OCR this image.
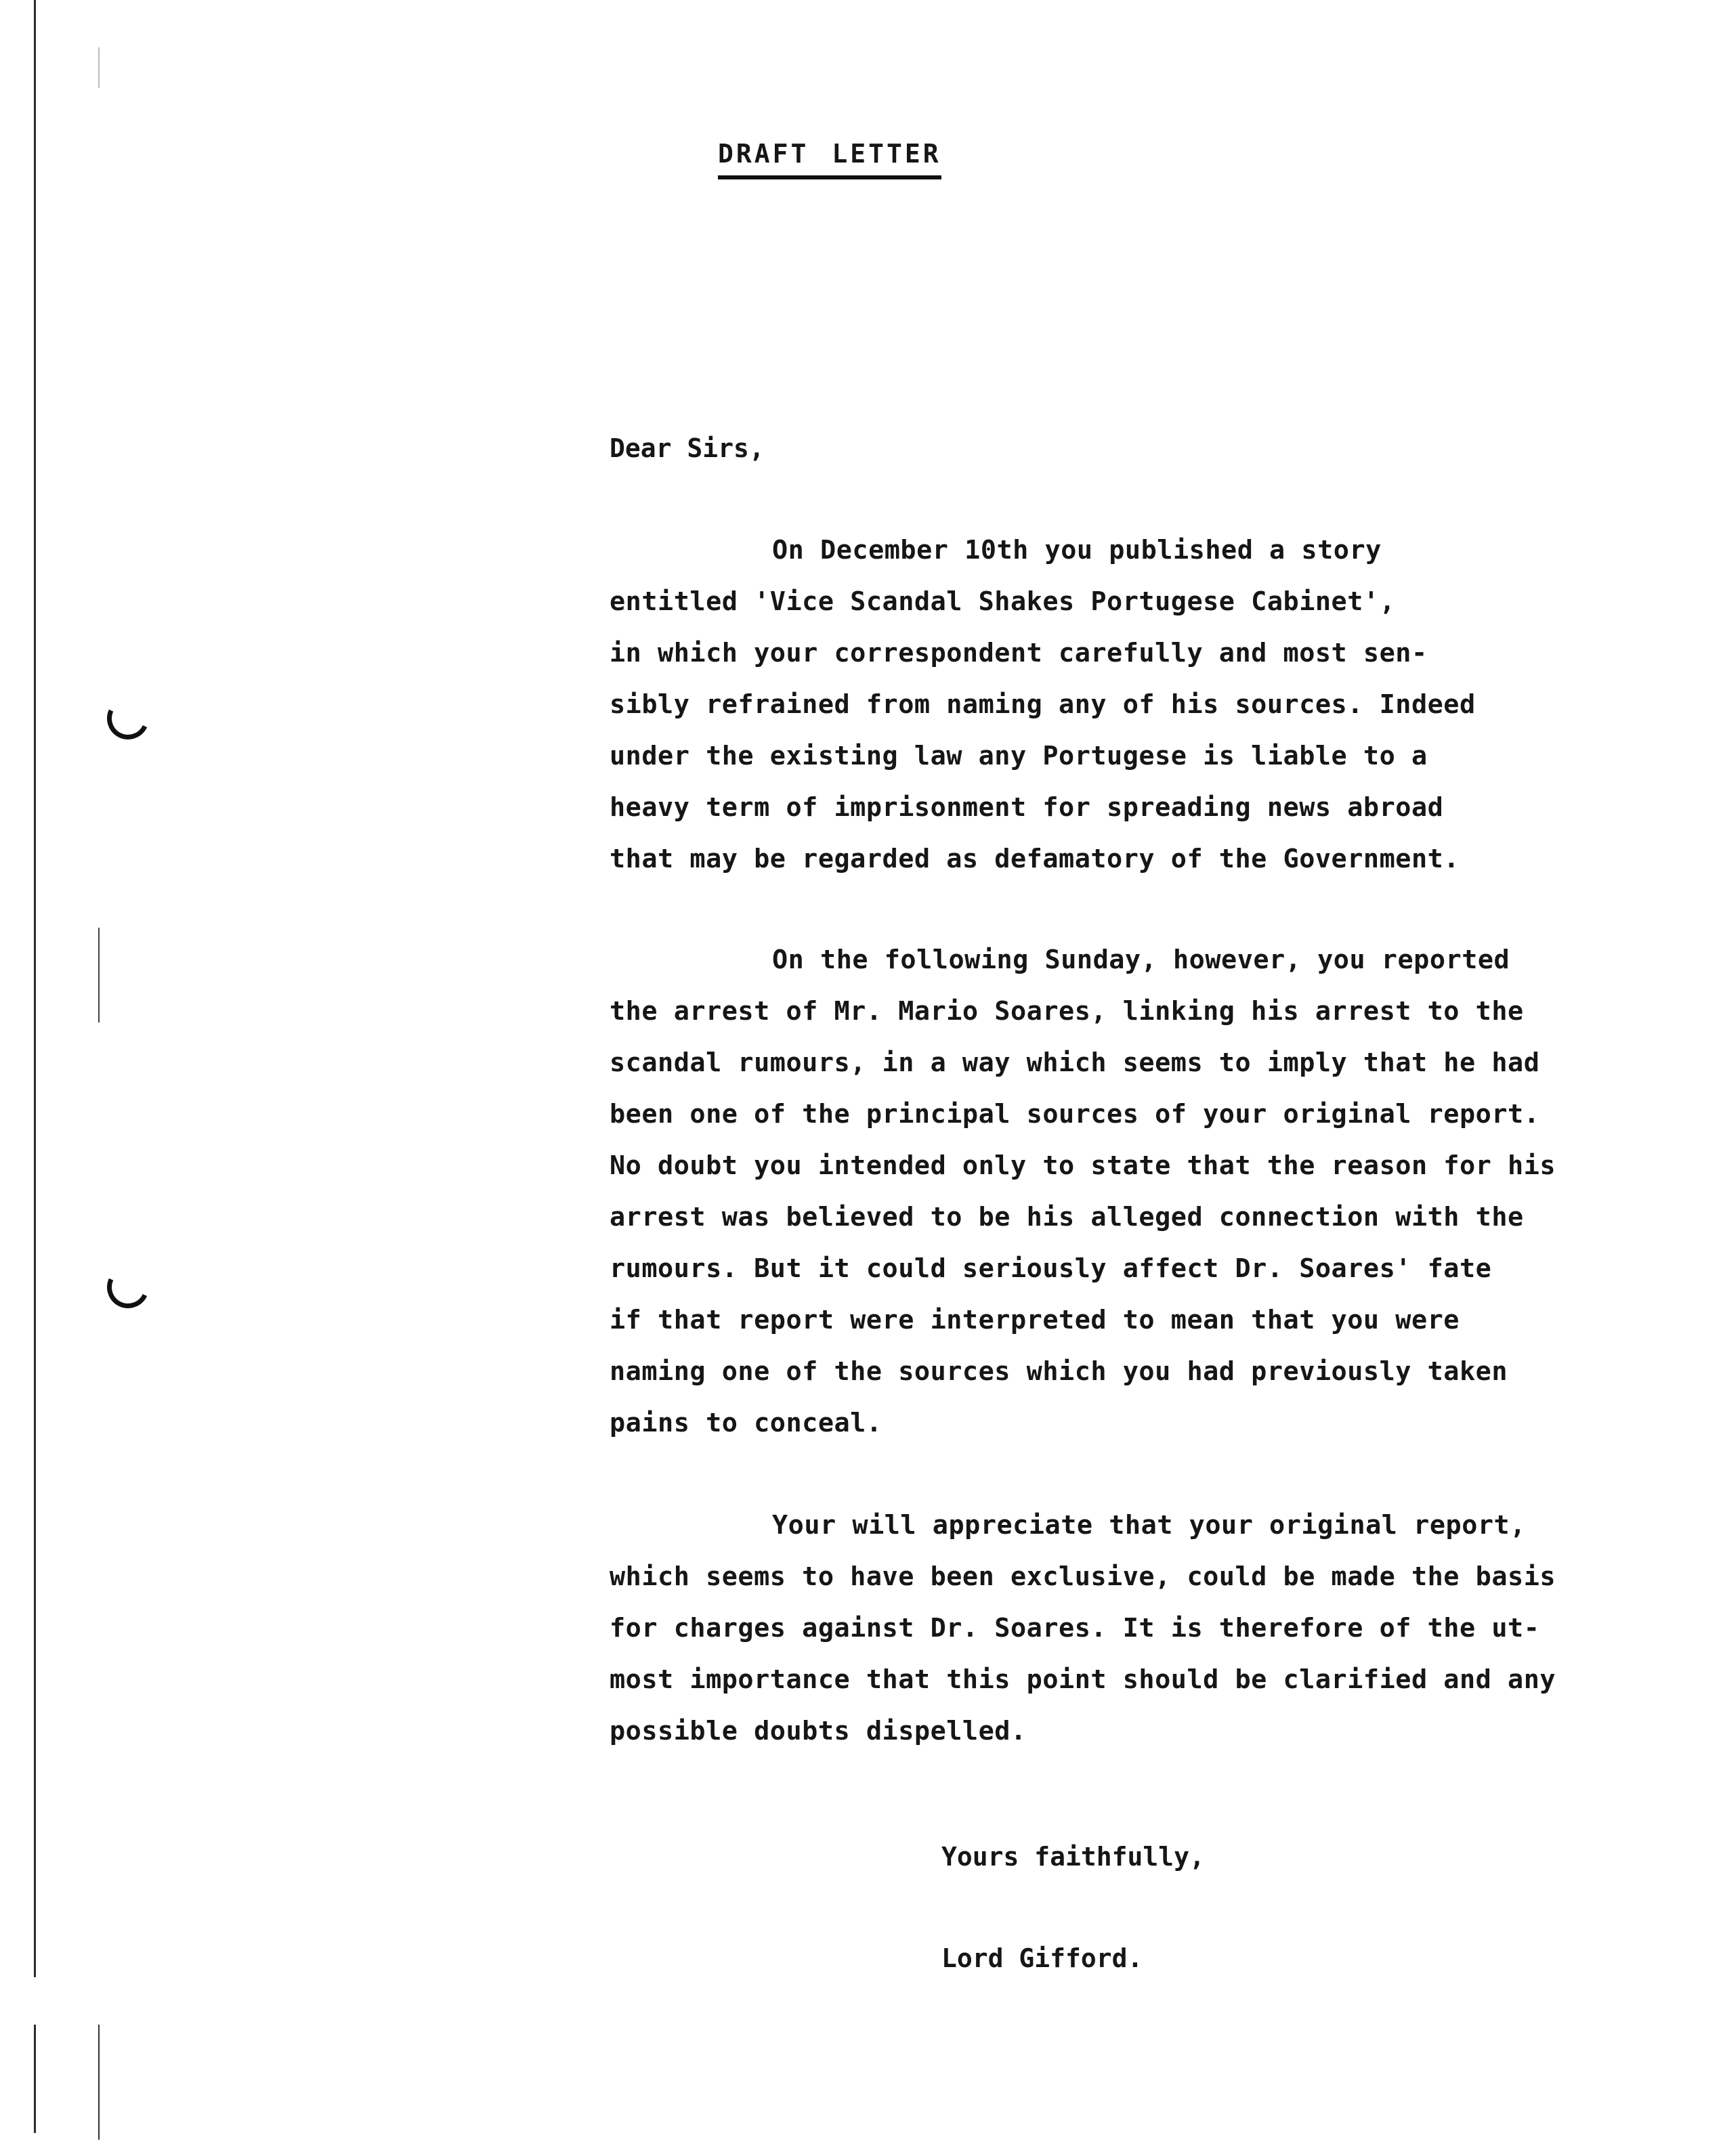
DRAFT LETTER
Dear Sirs,
On December 10th you published a story
entitled 'Vice Scandal Shakes Portugese Cabinet',
in which your correspondent carefully and most sen-
sibly refrained from naming any of his sources. Indeed
under the existing law any Portugese is liable to a
heavy term of imprisonment for spreading news abroad
that may be regarded as defamatory of the Government.
On the following Sunday, however, you reported
the arrest of Mr. Mario Soares, linking his arrest to the
scandal rumours, in a way which seems to imply that he had
been one of the principal sources of your original report.
No doubt you intended only to state that the reason for his
arrest was believed to be his alleged connection with the
rumours. But it could seriously affect Dr. Soares' fate
if that report were interpreted to mean that you were
naming one of the sources which you had previously taken
pains to conceal.
Your will appreciate that your original report,
which seems to have been exclusive, could be made the basis
for charges against Dr. Soares. It is therefore of the ut-
most importance that this point should be clarified and any
possible doubts dispelled.
Yours faithfully,
Lord Gifford.
